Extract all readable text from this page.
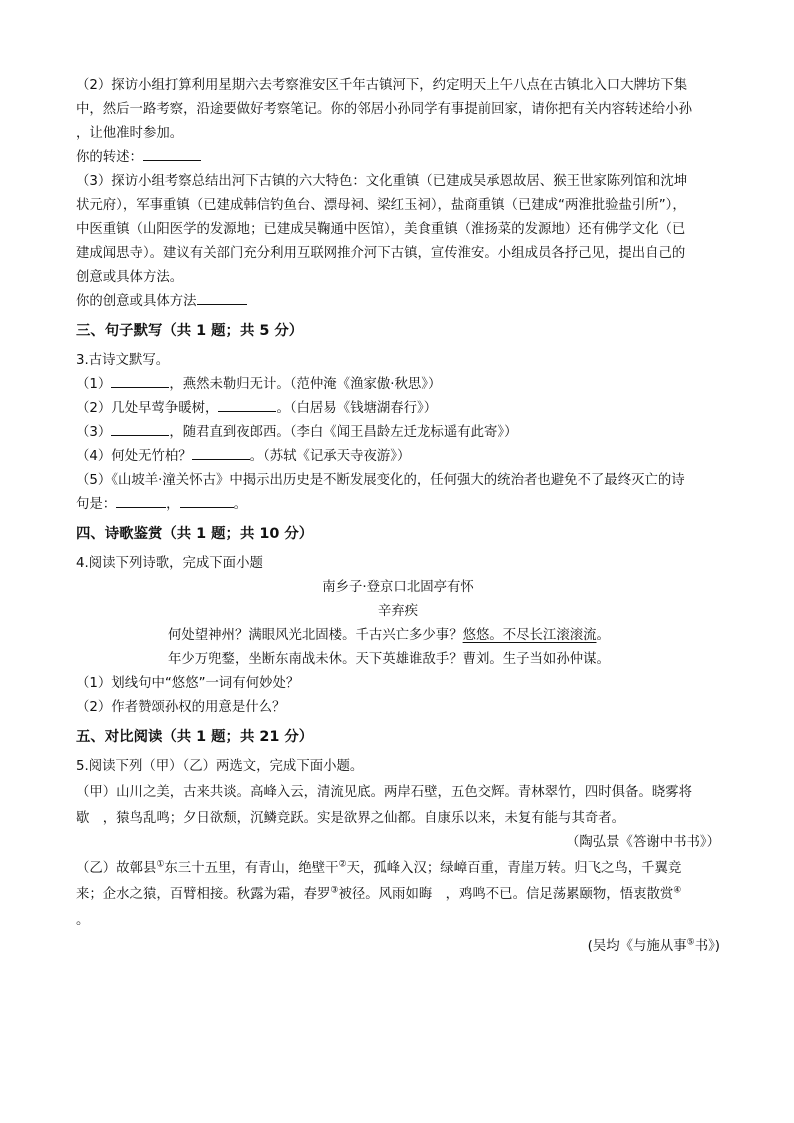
（2）探访小组打算利用星期六去考察淮安区千年古镇河下，约定明天上午八点在古镇北入口大牌坊下集

中，然后一路考察，沿途要做好考察笔记。你的邻居小孙同学有事提前回家，请你把有关内容转述给小孙

，让他准时参加。

你的转述：

（3）探访小组考察总结出河下古镇的六大特色：文化重镇（已建成吴承恩故居、猴王世家陈列馆和沈坤

状元府），军事重镇（已建成韩信钓鱼台、漂母祠、梁红玉祠），盐商重镇（已建成“两淮批验盐引所”），

中医重镇（山阳医学的发源地；已建成吴鞠通中医馆），美食重镇（淮扬菜的发源地）还有佛学文化（已

建成闻思寺）。建议有关部门充分利用互联网推介河下古镇，宣传淮安。小组成员各抒己见，提出自己的

创意或具体方法。

你的创意或具体方法

三、句子默写（共 1 题；共 5 分）

3.古诗文默写。

（1）	，燕然未勒归无计。（范仲淹《渔家傲·秋思》）

（2）几处早莺争暖树，	。（白居易《钱塘湖春行》）

（3）	，随君直到夜郎西。（李白《闻王昌龄左迁龙标遥有此寄》）

（4）何处无竹柏？	。（苏轼《记承天寺夜游》）

（5）《山坡羊·潼关怀古》中揭示出历史是不断发展变化的，任何强大的统治者也避免不了最终灭亡的诗

句是：	，	。

四、诗歌鉴赏（共 1 题；共 10 分）

4.阅读下列诗歌，完成下面小题

南乡子·登京口北固亭有怀

辛弃疾

何处望神州？满眼风光北固楼。千古兴亡多少事？悠悠。不尽长江滚滚流。

年少万兜鍪，坐断东南战未休。天下英雄谁敌手？曹刘。生子当如孙仲谋。

（1）划线句中“悠悠”一词有何妙处？

（2）作者赞颂孙权的用意是什么？

五、对比阅读（共 1 题；共 21 分）

5.阅读下列（甲）（乙）两选文，完成下面小题。

（甲）山川之美，古来共谈。高峰入云，清流见底。两岸石壁，五色交辉。青林翠竹，四时俱备。晓雾将

歇　，猿鸟乱鸣；夕日欲颓，沉鳞竞跃。实是欲界之仙都。自康乐以来，未复有能与其奇者。

（陶弘景《答谢中书书》）

（乙）故鄣县①东三十五里，有青山，绝壁干②天，孤峰入汉；绿嶂百重，青崖万转。归飞之鸟，千翼竞

来；企水之猿，百臂相接。秋露为霜，春罗③被径。风雨如晦　，鸡鸣不已。信足荡累颐物，悟衷散赏④

。

(吴均《与施从事⑤书》)
